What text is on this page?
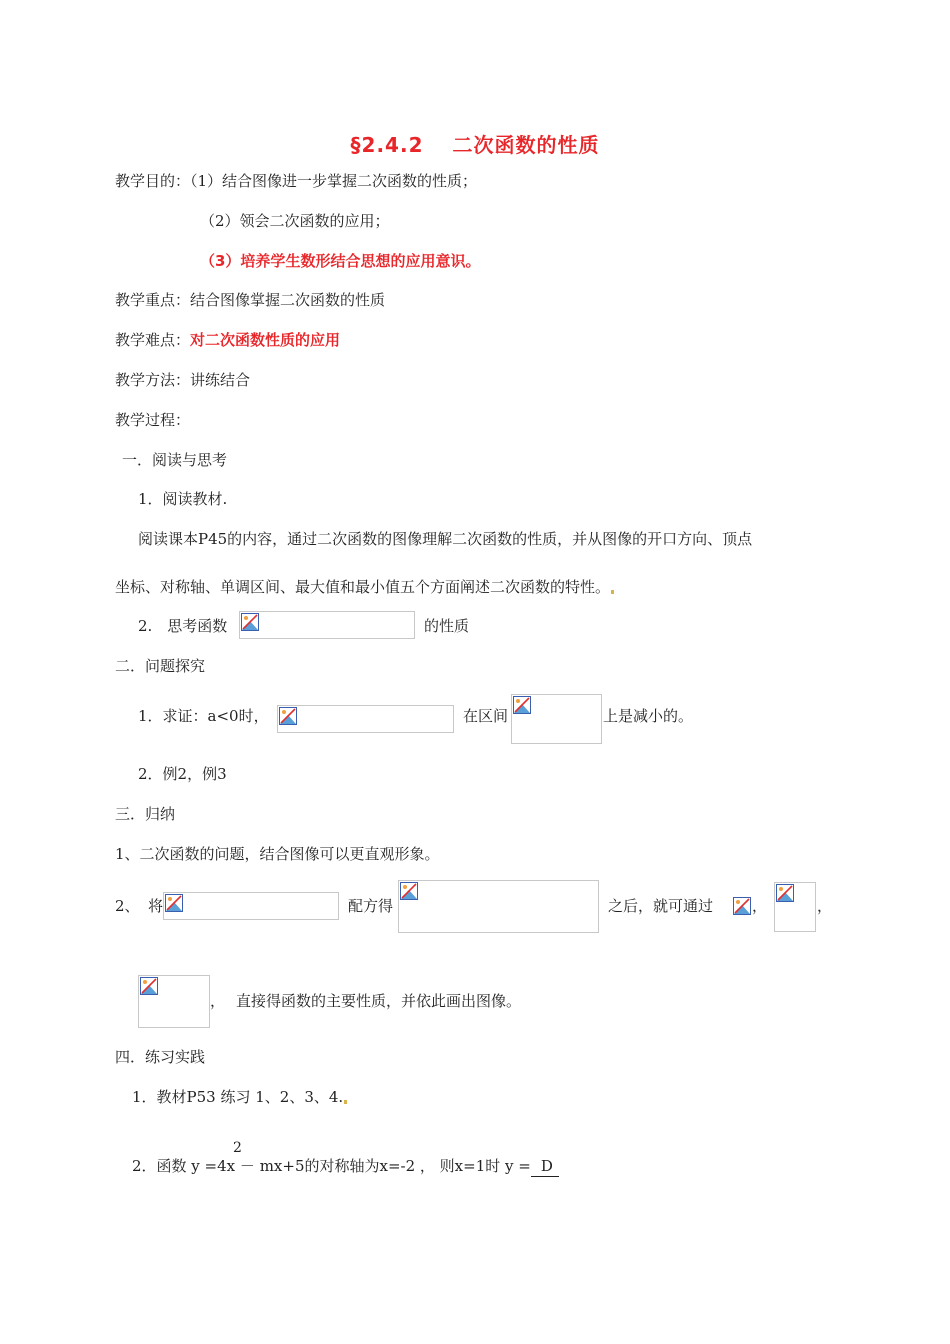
§2.4.2　 二次函数的性质
教学目的：（1）结合图像进一步掌握二次函数的性质；
（2）领会二次函数的应用；
（3）培养学生数形结合思想的应用意识。
教学重点：结合图像掌握二次函数的性质
教学难点：对二次函数性质的应用
教学方法：讲练结合
教学过程：
一．阅读与思考
1．阅读教材.
阅读课本P45的内容，通过二次函数的图像理解二次函数的性质，并从图像的开口方向、顶点
坐标、对称轴、单调区间、最大值和最小值五个方面阐述二次函数的特性。
2.　思考函数	的性质
二．问题探究
1．求证：a<0时，	在区间	上是减小的。
2．例2，例3
三．归纳
1、二次函数的问题，结合图像可以更直观形象。
2、 将	配方得	之后，就可通过	，	，
， 直接得函数的主要性质，并依此画出图像。
四．练习实践
1．教材P53 练习 1、2、3、4.
2
2．函数 y =4x － mx+5的对称轴为x=-2 ， 则x=1时 y = D
